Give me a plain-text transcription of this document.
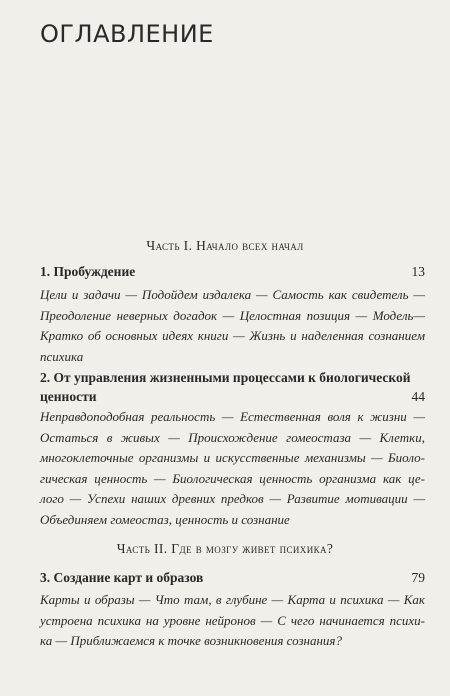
ОГЛАВЛЕНИЕ
Часть I. Начало всех начал
1. Пробуждение	13
Цели и задачи — Подойдем издалека — Самость как свидетель —
Преодоление неверных догадок — Целостная позиция — Модель—
Кратко об основных идеях книги — Жизнь и наделенная сознанием
психика
2. От управления жизненными процессами к биологической
ценности	44
Неправдоподобная реальность — Естественная воля к жизни —
Остаться в живых — Происхождение гомеостаза — Клетки,
многоклеточные организмы и искусственные механизмы — Биоло-
гическая ценность — Биологическая ценность организма как це-
лого — Успехи наших древних предков — Развитие мотивации —
Объединяем гомеостаз, ценность и сознание
Часть II. Где в мозгу живет психика?
3. Создание карт и образов	79
Карты и образы — Что там, в глубине — Карта и психика — Как
устроена психика на уровне нейронов — С чего начинается психи-
ка — Приближаемся к точке возникновения сознания?
